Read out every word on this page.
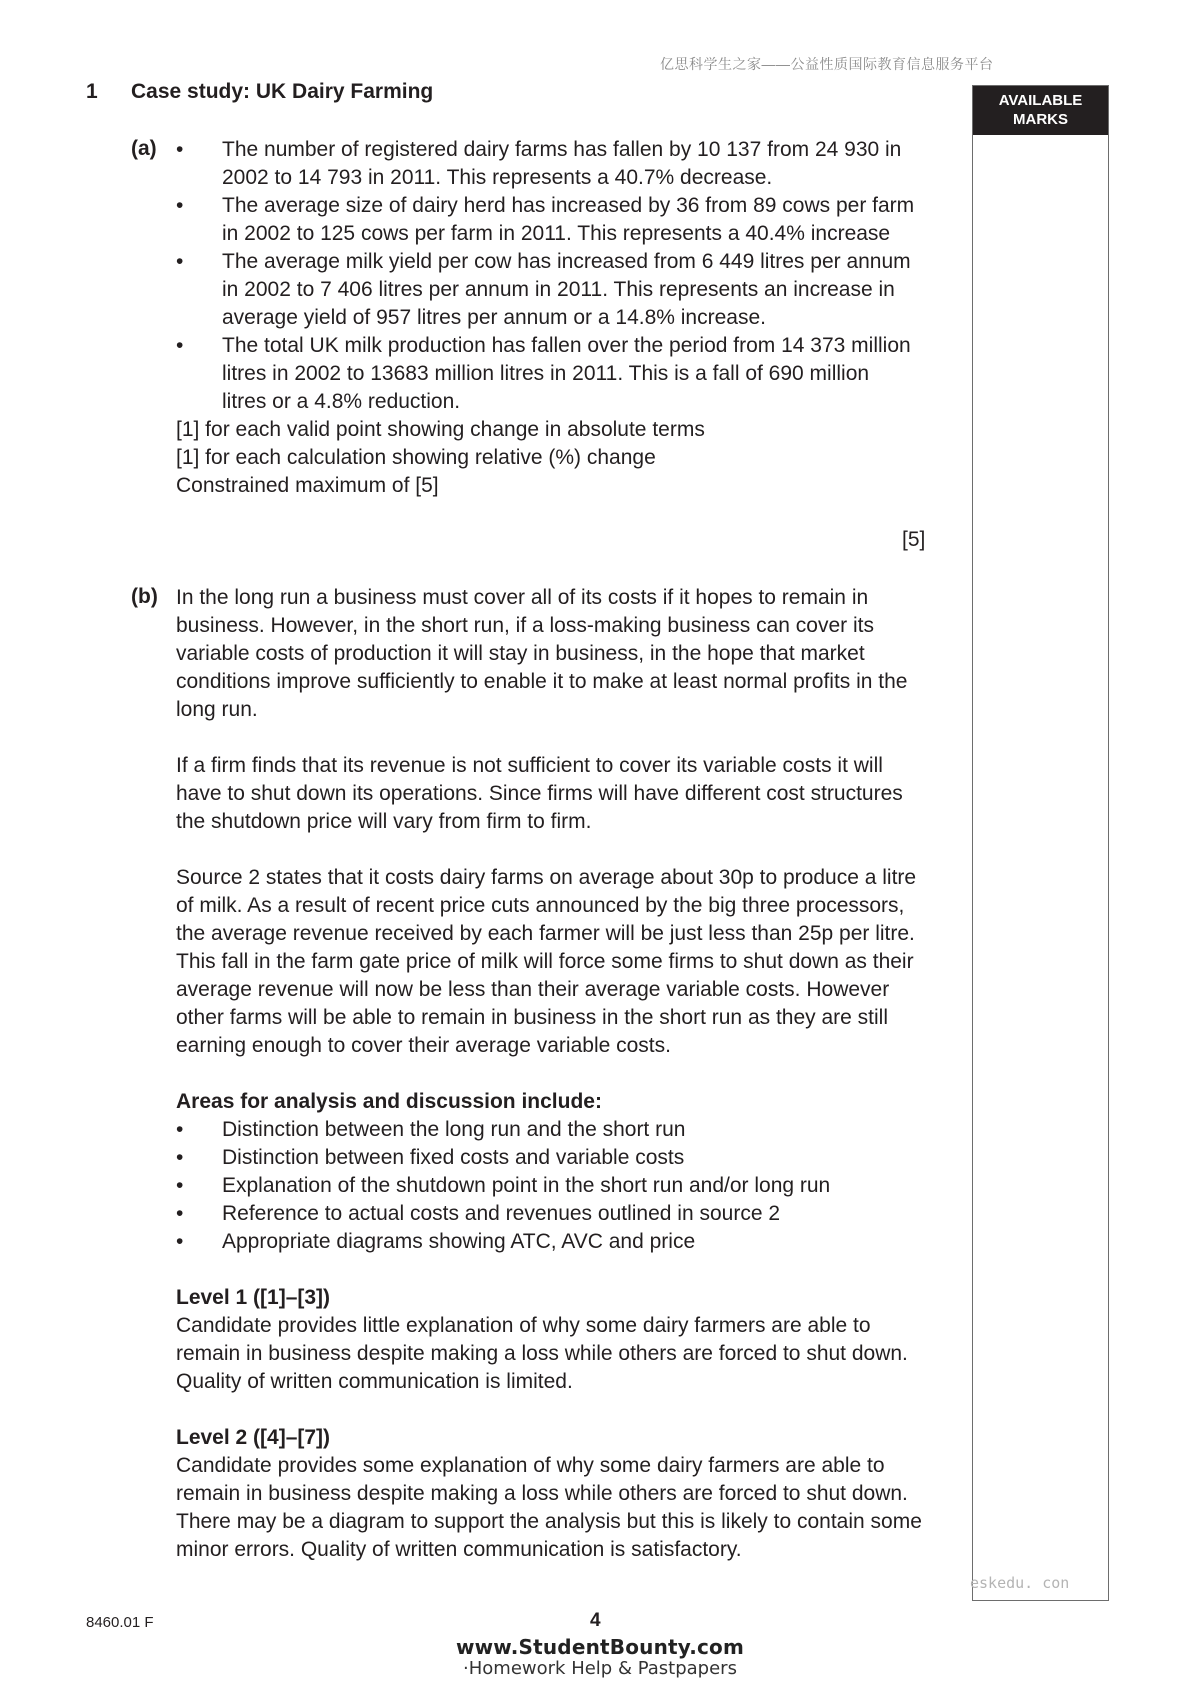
亿思科学生之家——公益性质国际教育信息服务平台
AVAILABLE
MARKS
eskedu. con
1 Case study: UK Dairy Farming
(a)
•	The number of registered dairy farms has fallen by 10 137 from 24 930 in 2002 to 14 793 in 2011. This represents a 40.7% decrease.
• The average size of dairy herd has increased by 36 from 89 cows per farm in 2002 to 125 cows per farm in 2011. This represents a 40.4% increase
• The average milk yield per cow has increased from 6 449 litres per annum in 2002 to 7 406 litres per annum in 2011. This represents an increase in average yield of 957 litres per annum or a 14.8% increase.
• The total UK milk production has fallen over the period from 14 373 million litres in 2002 to 13683 million litres in 2011. This is a fall of 690 million litres or a 4.8% reduction.

[1] for each valid point showing change in absolute terms

[1] for each calculation showing relative (%) change

Constrained maximum of [5]

[5]
(b) In the long run a business must cover all of its costs if it hopes to remain in business. However, in the short run, if a loss-making business can cover its variable costs of production it will stay in business, in the hope that market conditions improve sufficiently to enable it to make at least normal profits in the long run.

If a firm finds that its revenue is not sufficient to cover its variable costs it will have to shut down its operations. Since firms will have different cost structures the shutdown price will vary from firm to firm.

Source 2 states that it costs dairy farms on average about 30p to produce a litre of milk. As a result of recent price cuts announced by the big three processors, the average revenue received by each farmer will be just less than 25p per litre. This fall in the farm gate price of milk will force some firms to shut down as their average revenue will now be less than their average variable costs. However other farms will be able to remain in business in the short run as they are still earning enough to cover their average variable costs.

Areas for analysis and discussion include:

• Distinction between the long run and the short run
• Distinction between fixed costs and variable costs
• Explanation of the shutdown point in the short run and/or long run
• Reference to actual costs and revenues outlined in source 2
• Appropriate diagrams showing ATC, AVC and price

Level 1 ([1]–[3])

Candidate provides little explanation of why some dairy farmers are able to remain in business despite making a loss while others are forced to shut down. Quality of written communication is limited.

Level 2 ([4]–[7])

Candidate provides some explanation of why some dairy farmers are able to remain in business despite making a loss while others are forced to shut down. There may be a diagram to support the analysis but this is likely to contain some minor errors. Quality of written communication is satisfactory.

8460.01 F	4
www.StudentBounty.com
·Homework Help & Pastpapers
